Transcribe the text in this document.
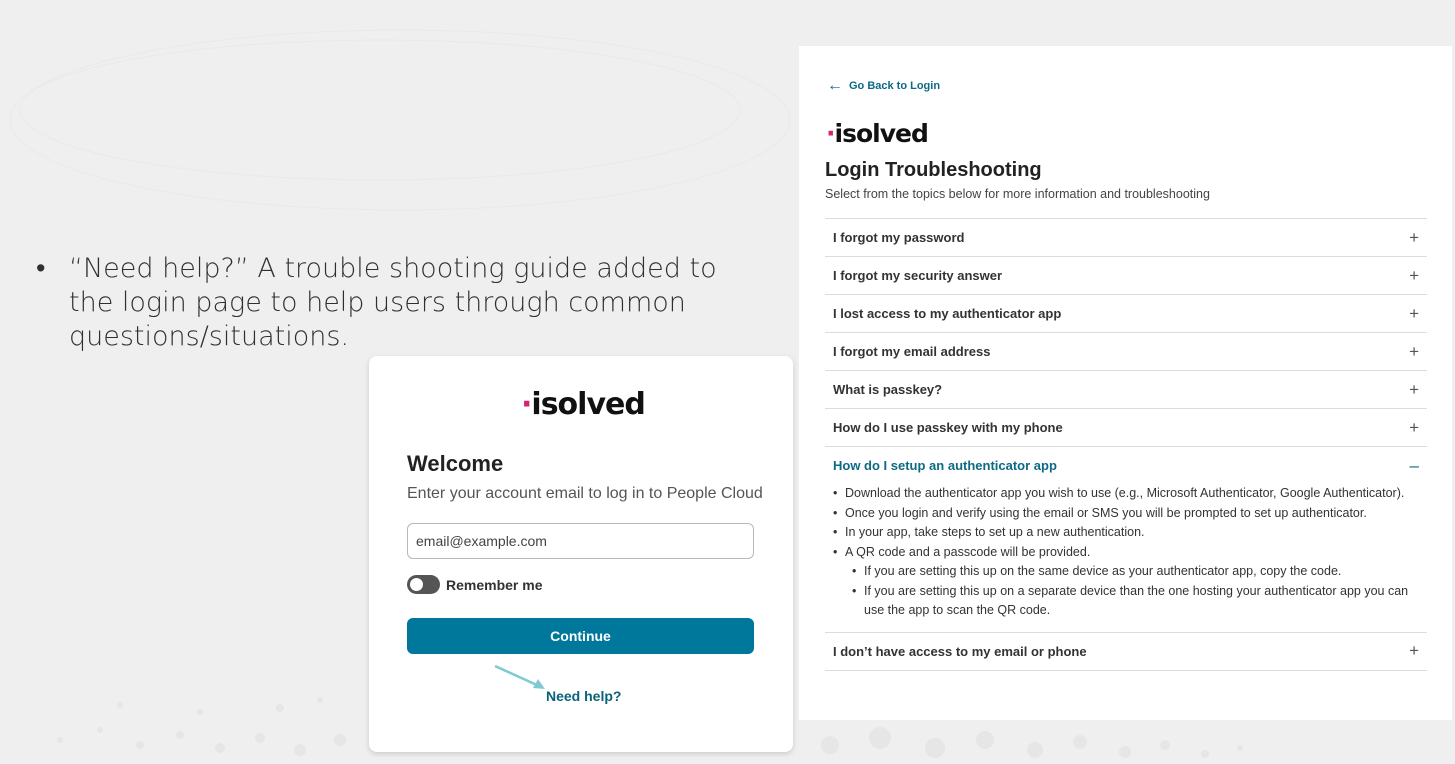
• “Need help?” A trouble shooting guide added to the login page to help users through common questions/situations.
·isolved
Welcome
Enter your account email to log in to People Cloud
email@example.com
Remember me
Continue
Need help?
← Go Back to Login
·isolved
Login Troubleshooting
Select from the topics below for more information and troubleshooting
I forgot my password	+
I forgot my security answer	+
I lost access to my authenticator app	+
I forgot my email address	+
What is passkey?	+
How do I use passkey with my phone	+
How do I setup an authenticator app	–
• Download the authenticator app you wish to use (e.g., Microsoft Authenticator, Google Authenticator).
• Once you login and verify using the email or SMS you will be prompted to set up authenticator.
• In your app, take steps to set up a new authentication.
• A QR code and a passcode will be provided.
• If you are setting this up on the same device as your authenticator app, copy the code.
• If you are setting this up on a separate device than the one hosting your authenticator app you can use the app to scan the QR code.
I don’t have access to my email or phone	+
